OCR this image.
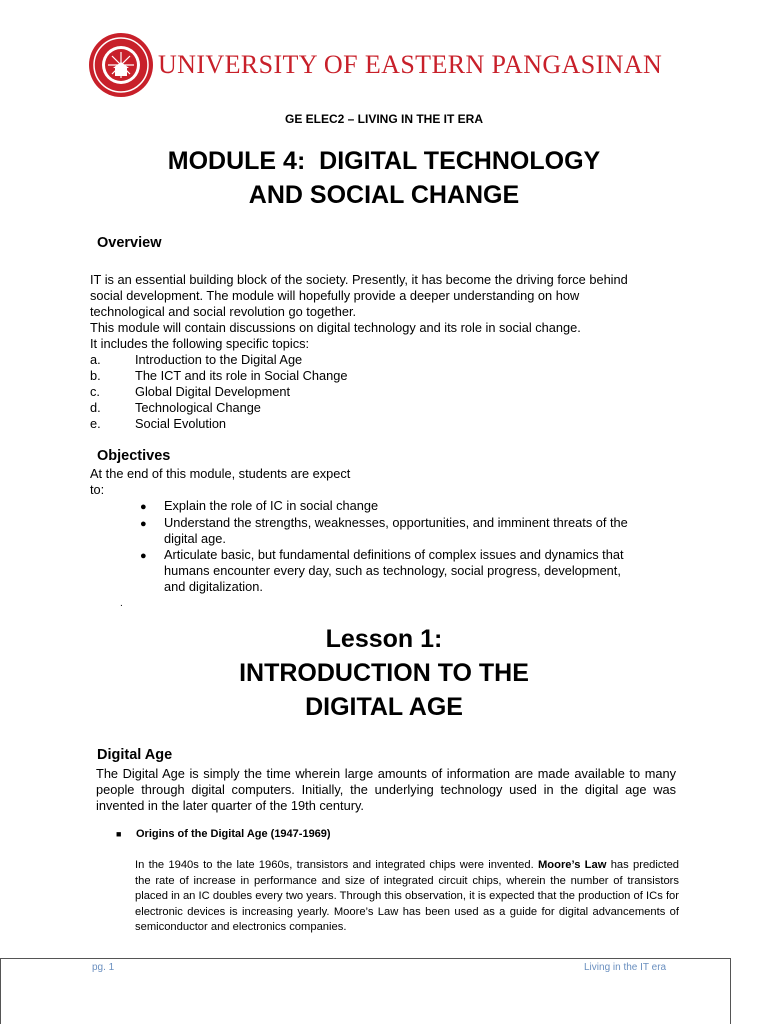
UNIVERSITY OF EASTERN PANGASINAN
GE ELEC2 – LIVING IN THE IT ERA
MODULE 4:  DIGITAL TECHNOLOGY
AND SOCIAL CHANGE
Overview

IT is an essential building block of the society. Presently, it has become the driving force behind

social development. The module will hopefully provide a deeper understanding on how

technological and social revolution go together.

This module will contain discussions on digital technology and its role in social change.

It includes the following specific topics:

a.	Introduction to the Digital Age
b.	The ICT and its role in Social Change
c.	Global Digital Development
d.	Technological Change
e.	Social Evolution
Objectives

At the end of this module, students are expect

to:

●	Explain the role of IC in social change
●	Understand the strengths, weaknesses, opportunities, and imminent threats of the
digital age.
●	Articulate basic, but fundamental definitions of complex issues and dynamics that
humans encounter every day, such as technology, social progress, development,
and digitalization.
.
Lesson 1:
INTRODUCTION TO THE
DIGITAL AGE
Digital Age
The Digital Age is simply the time wherein large amounts of information are made available to many people through digital computers. Initially, the underlying technology used in the digital age was invented in the later quarter of the 19th century.
■	Origins of the Digital Age (1947-1969)
In the 1940s to the late 1960s, transistors and integrated chips were invented. Moore’s Law has predicted the rate of increase in performance and size of integrated circuit chips, wherein the number of transistors placed in an IC doubles every two years. Through this observation, it is expected that the production of ICs for electronic devices is increasing yearly. Moore’s Law has been used as a guide for digital advancements of semiconductor and electronics companies.
pg. 1	Living in the IT era
